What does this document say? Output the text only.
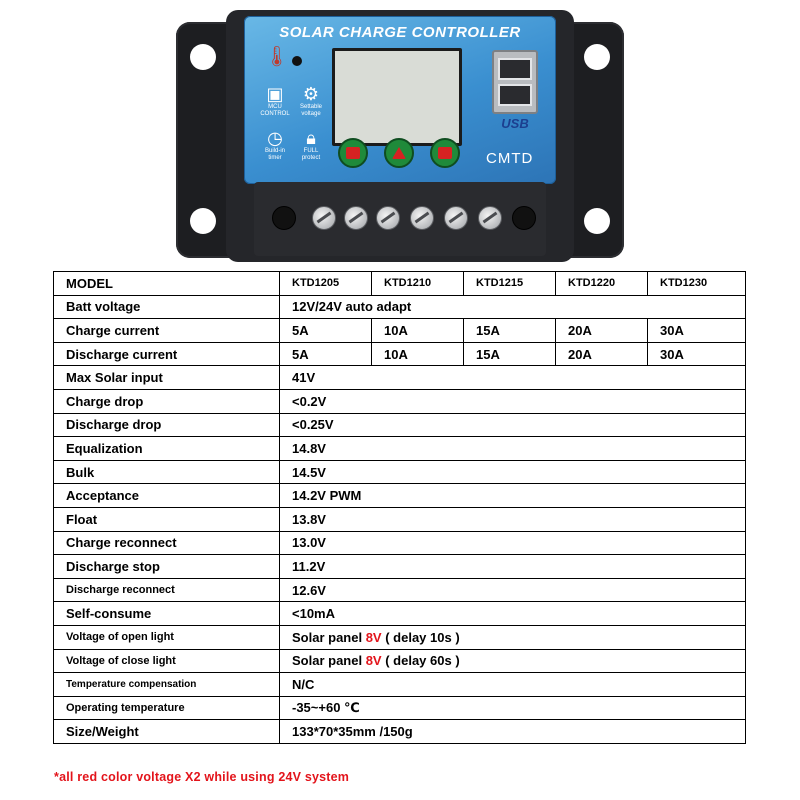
SOLAR CHARGE CONTROLLER
🌡
▣
MCU CONTROL
⚙
Settable voltage
◷
Build-in timer
🔒︎
FULL protect
USB
CMTD
MODEL	KTD1205	KTD1210	KTD1215	KTD1220	KTD1230
Batt voltage	12V/24V auto adapt				
Charge current	5A	10A	15A	20A	30A
Discharge current	5A	10A	15A	20A	30A
Max Solar input	41V				
Charge drop	<0.2V				
Discharge drop	<0.25V				
Equalization	14.8V				
Bulk	14.5V				
Acceptance	14.2V PWM				
Float	13.8V				
Charge reconnect	13.0V				
Discharge stop	11.2V				
Discharge reconnect	12.6V				
Self-consume	<10mA				
Voltage of open light	Solar panel 8V ( delay 10s )				
Voltage of close light	Solar panel 8V ( delay 60s )				
Temperature compensation	N/C				
Operating temperature	-35~+60 ℃				
Size/Weight	133*70*35mm /150g				
*all red color voltage X2 while using 24V system
